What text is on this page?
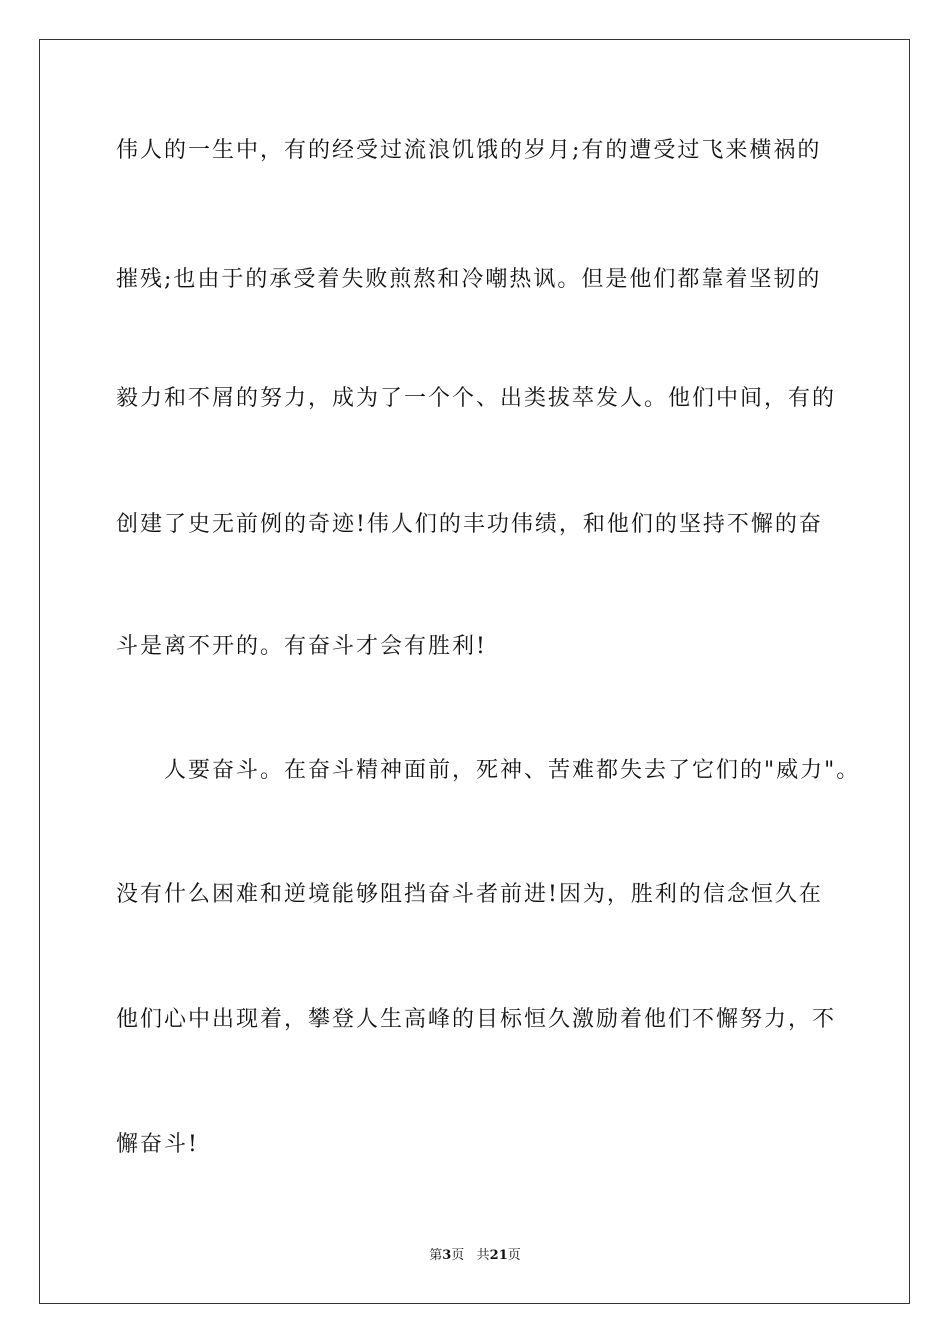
伟人的一生中，有的经受过流浪饥饿的岁月;有的遭受过飞来横祸的
摧残;也由于的承受着失败煎熬和冷嘲热讽。但是他们都靠着坚韧的
毅力和不屑的努力，成为了一个个、出类拔萃发人。他们中间，有的
创建了史无前例的奇迹!伟人们的丰功伟绩，和他们的坚持不懈的奋
斗是离不开的。有奋斗才会有胜利!
　　人要奋斗。在奋斗精神面前，死神、苦难都失去了它们的"威力"。
没有什么困难和逆境能够阻挡奋斗者前进!因为，胜利的信念恒久在
他们心中出现着，攀登人生高峰的目标恒久激励着他们不懈努力，不
懈奋斗!
第3页   共21页
